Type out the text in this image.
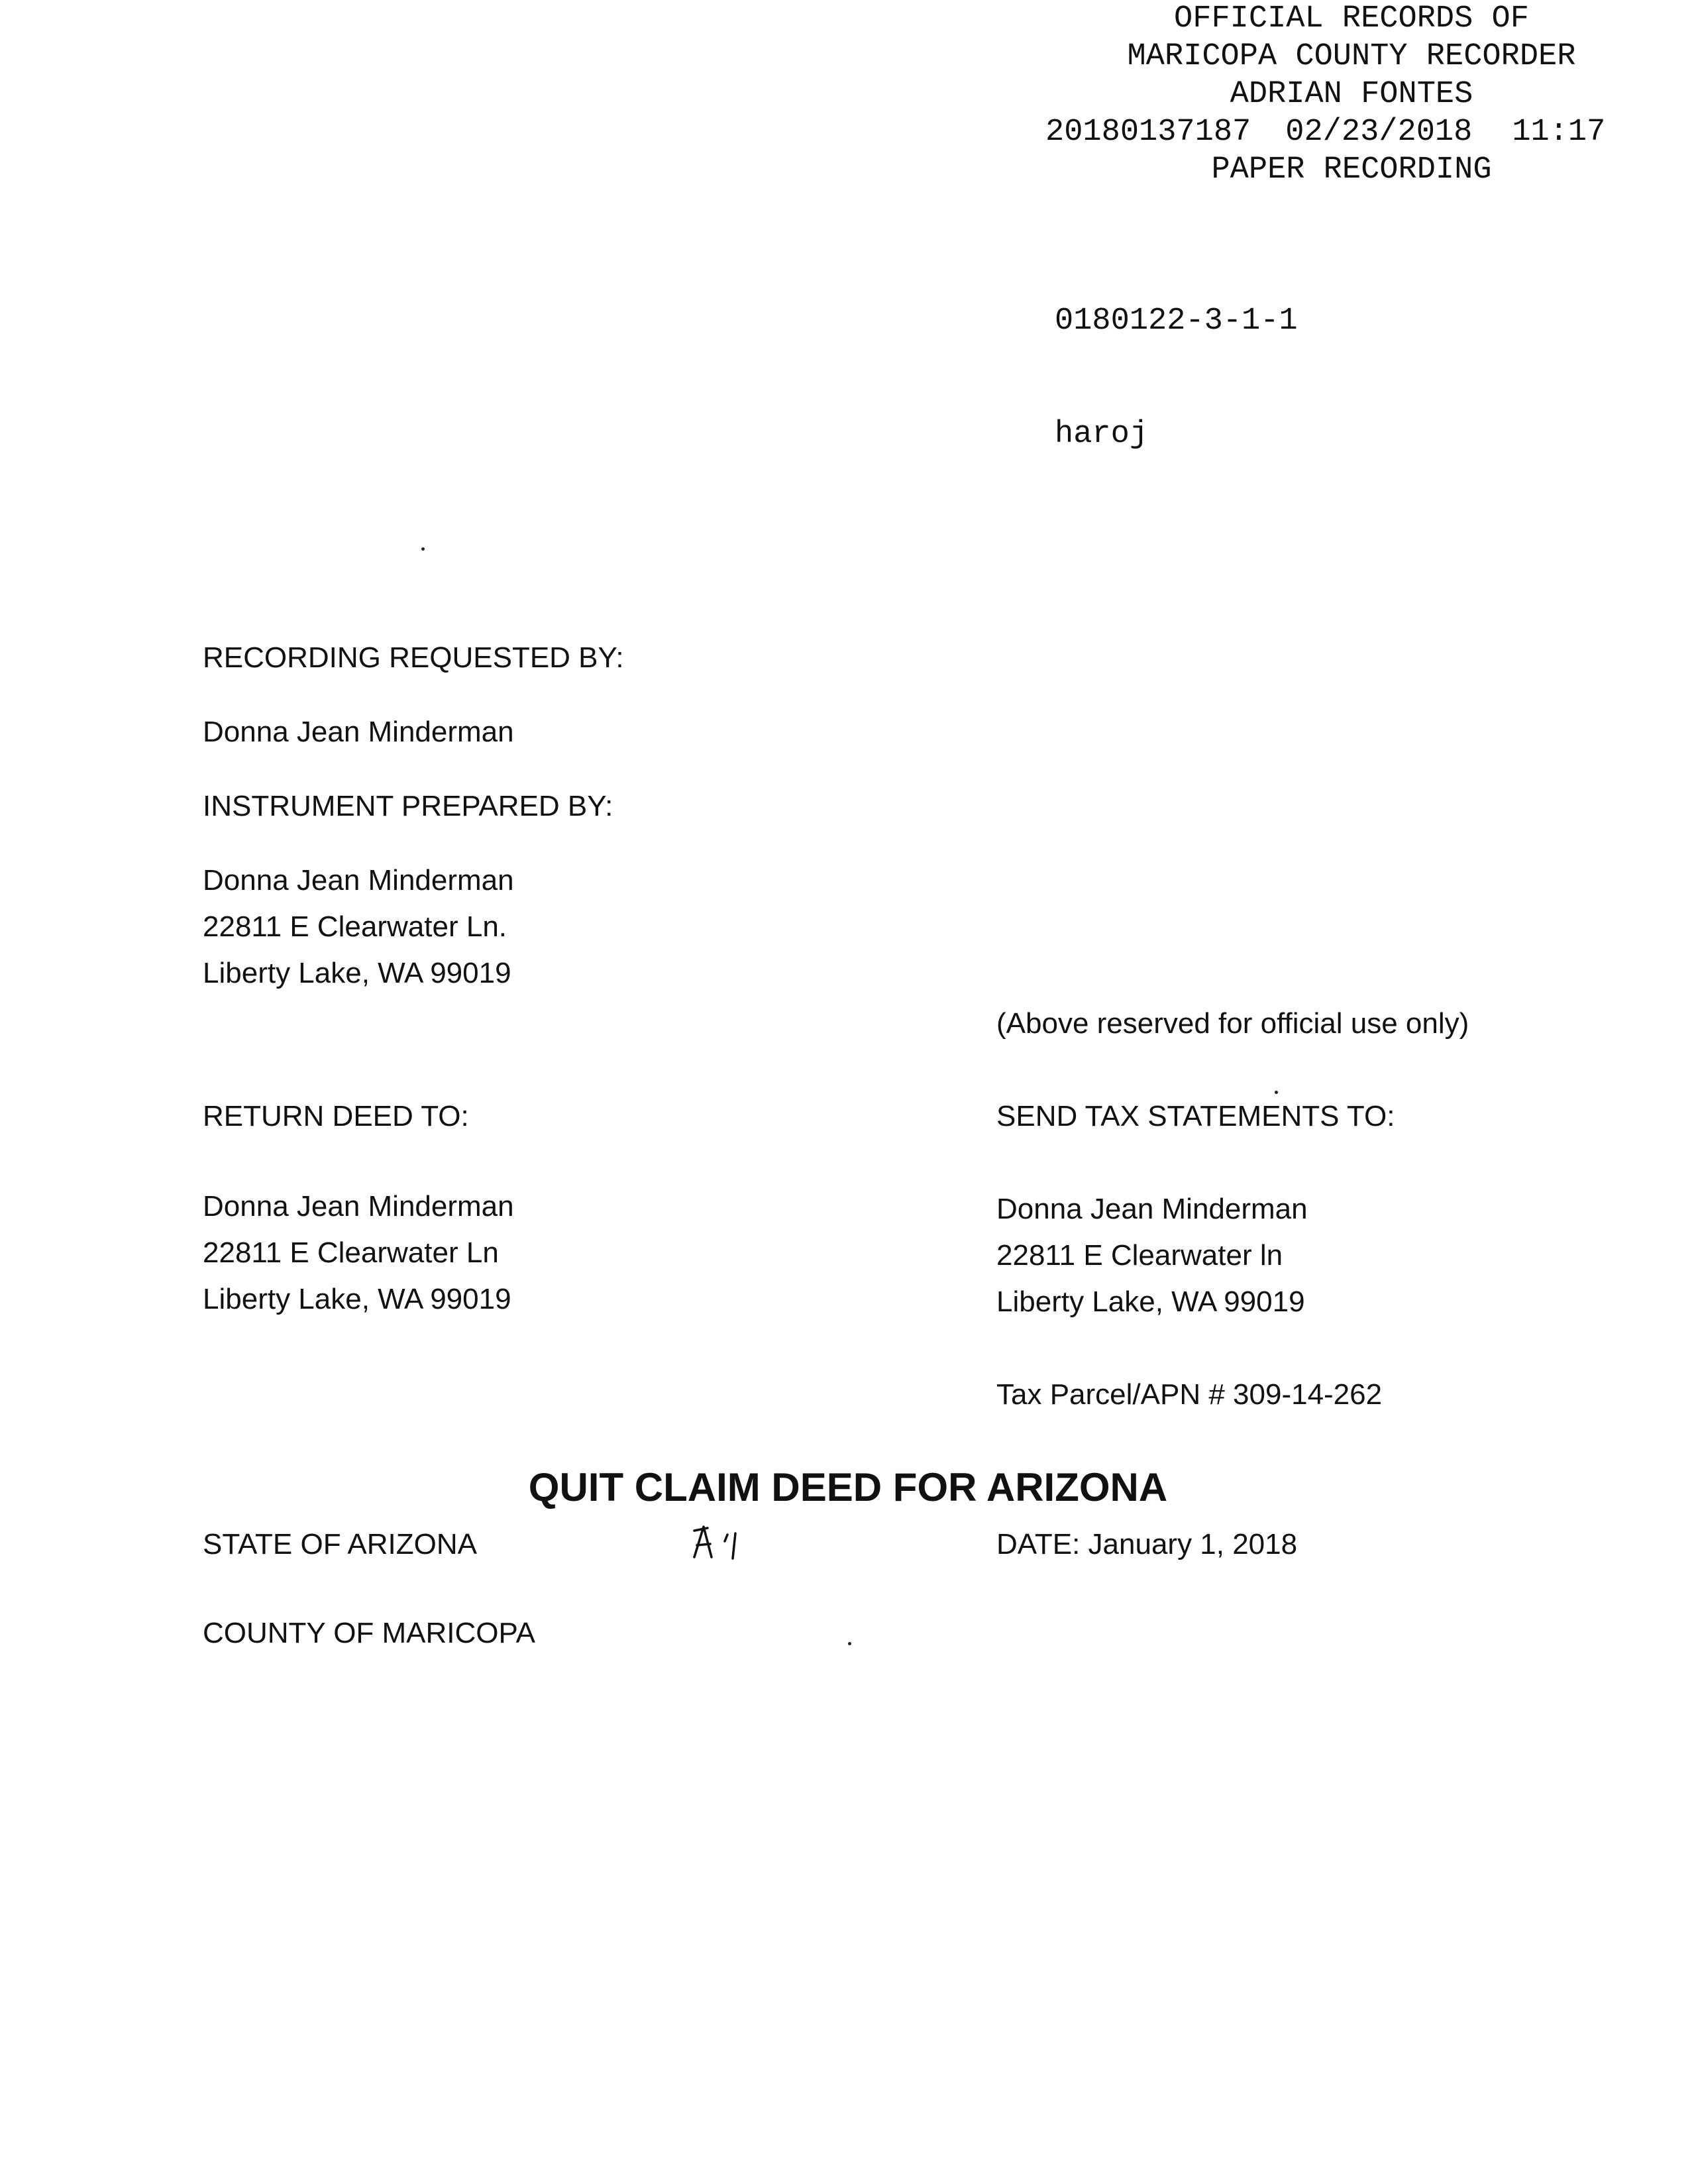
OFFICIAL RECORDS OF
MARICOPA COUNTY RECORDER
ADRIAN FONTES
20180137187 02/23/2018 11:17
PAPER RECORDING

0180122-3-1-1

haroj

RECORDING REQUESTED BY:
Donna Jean Minderman
INSTRUMENT PREPARED BY:
Donna Jean Minderman
22811 E Clearwater Ln.
Liberty Lake, WA 99019
(Above reserved for official use only)
RETURN DEED TO:
Donna Jean Minderman
22811 E Clearwater Ln
Liberty Lake, WA 99019
SEND TAX STATEMENTS TO:
Donna Jean Minderman
22811 E Clearwater ln
Liberty Lake, WA 99019
Tax Parcel/APN # 309-14-262
QUIT CLAIM DEED FOR ARIZONA
STATE OF ARIZONA	DATE: January 1, 2018
COUNTY OF MARICOPA
